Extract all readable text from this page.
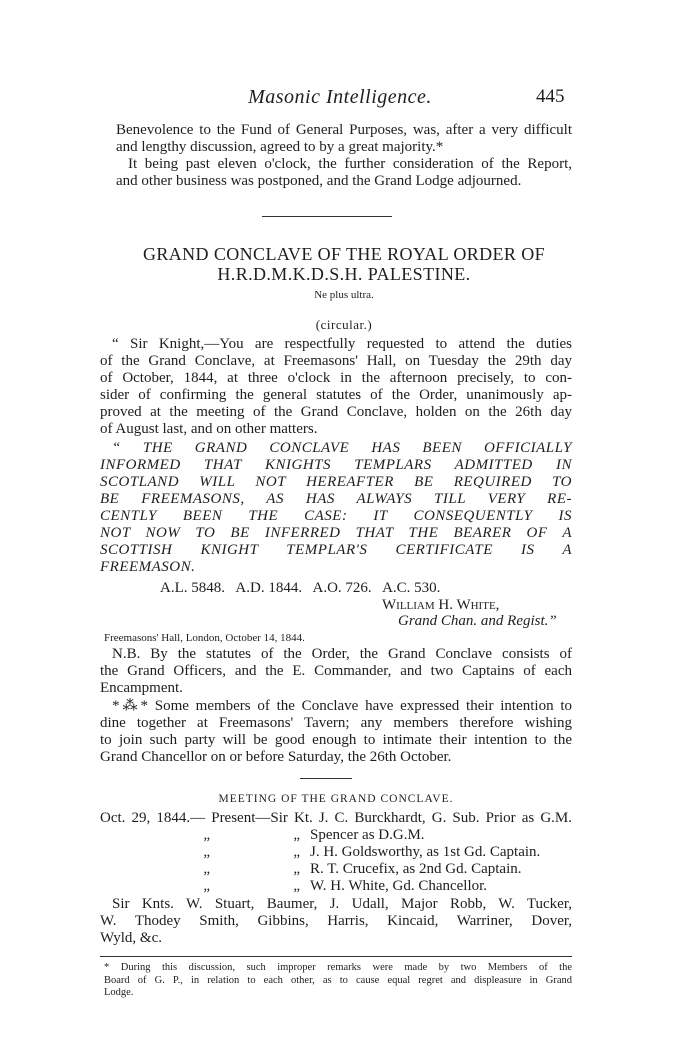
Masonic Intelligence.	445
Benevolence to the Fund of General Purposes, was, after a very difficult
and lengthy discussion, agreed to by a great majority.*
It being past eleven o'clock, the further consideration of the Report,
and other business was postponed, and the Grand Lodge adjourned.
GRAND CONCLAVE OF THE ROYAL ORDER OF
H.R.D.M.K.D.S.H. PALESTINE.
Ne plus ultra.
(circular.)
“ Sir Knight,—You are respectfully requested to attend the duties
of the Grand Conclave, at Freemasons' Hall, on Tuesday the 29th day
of October, 1844, at three o'clock in the afternoon precisely, to con-
sider of confirming the general statutes of the Order, unanimously ap-
proved at the meeting of the Grand Conclave, holden on the 26th day
of August last, and on other matters.
“ THE GRAND CONCLAVE HAS BEEN OFFICIALLY
INFORMED THAT KNIGHTS TEMPLARS ADMITTED IN
SCOTLAND WILL NOT HEREAFTER BE REQUIRED TO
BE FREEMASONS, AS HAS ALWAYS TILL VERY RE-
CENTLY BEEN THE CASE: IT CONSEQUENTLY IS
NOT NOW TO BE INFERRED THAT THE BEARER OF A
SCOTTISH KNIGHT TEMPLAR'S CERTIFICATE IS A
FREEMASON.
A.L. 5848.   A.D. 1844.   A.O. 726.   A.C. 530.
William H. White,
Grand Chan. and Regist.”
Freemasons' Hall, London, October 14, 1844.
N.B. By the statutes of the Order, the Grand Conclave consists of
the Grand Officers, and the E. Commander, and two Captains of each
Encampment.
*⁂* Some members of the Conclave have expressed their intention to
dine together at Freemasons' Tavern; any members therefore wishing
to join such party will be good enough to intimate their intention to the
Grand Chancellor on or before Saturday, the 26th October.
MEETING OF THE GRAND CONCLAVE.
Oct. 29, 1844.— Present—Sir Kt. J. C. Burckhardt, G. Sub. Prior as G.M.
„	„ Spencer as D.G.M.
„	„ J. H. Goldsworthy, as 1st Gd. Captain.
„	„ R. T. Crucefix, as 2nd Gd. Captain.
„	„ W. H. White, Gd. Chancellor.
Sir Knts. W. Stuart, Baumer, J. Udall, Major Robb, W. Tucker,
W. Thodey Smith, Gibbins, Harris, Kincaid, Warriner, Dover,
Wyld, &c.
* During this discussion, such improper remarks were made by two Members of the
Board of G. P., in relation to each other, as to cause equal regret and displeasure in Grand
Lodge.
